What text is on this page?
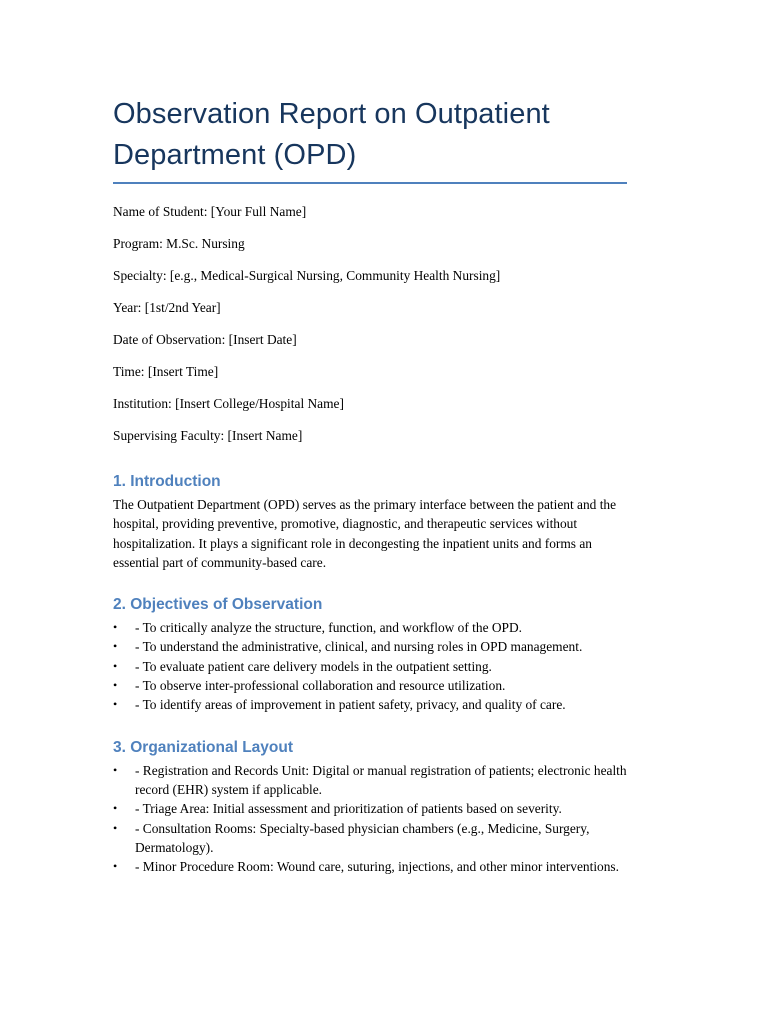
Observation Report on Outpatient Department (OPD)
Name of Student: [Your Full Name]
Program: M.Sc. Nursing
Specialty: [e.g., Medical-Surgical Nursing, Community Health Nursing]
Year: [1st/2nd Year]
Date of Observation: [Insert Date]
Time: [Insert Time]
Institution: [Insert College/Hospital Name]
Supervising Faculty: [Insert Name]
1. Introduction

The Outpatient Department (OPD) serves as the primary interface between the patient and the hospital, providing preventive, promotive, diagnostic, and therapeutic services without hospitalization. It plays a significant role in decongesting the inpatient units and forms an essential part of community-based care.

2. Objectives of Observation
•	- To critically analyze the structure, function, and workflow of the OPD.
•	- To understand the administrative, clinical, and nursing roles in OPD management.
•	- To evaluate patient care delivery models in the outpatient setting.
•	- To observe inter-professional collaboration and resource utilization.
•	- To identify areas of improvement in patient safety, privacy, and quality of care.
3. Organizational Layout
•	- Registration and Records Unit: Digital or manual registration of patients; electronic health record (EHR) system if applicable.
•	- Triage Area: Initial assessment and prioritization of patients based on severity.
•	- Consultation Rooms: Specialty-based physician chambers (e.g., Medicine, Surgery, Dermatology).
•	- Minor Procedure Room: Wound care, suturing, injections, and other minor interventions.
